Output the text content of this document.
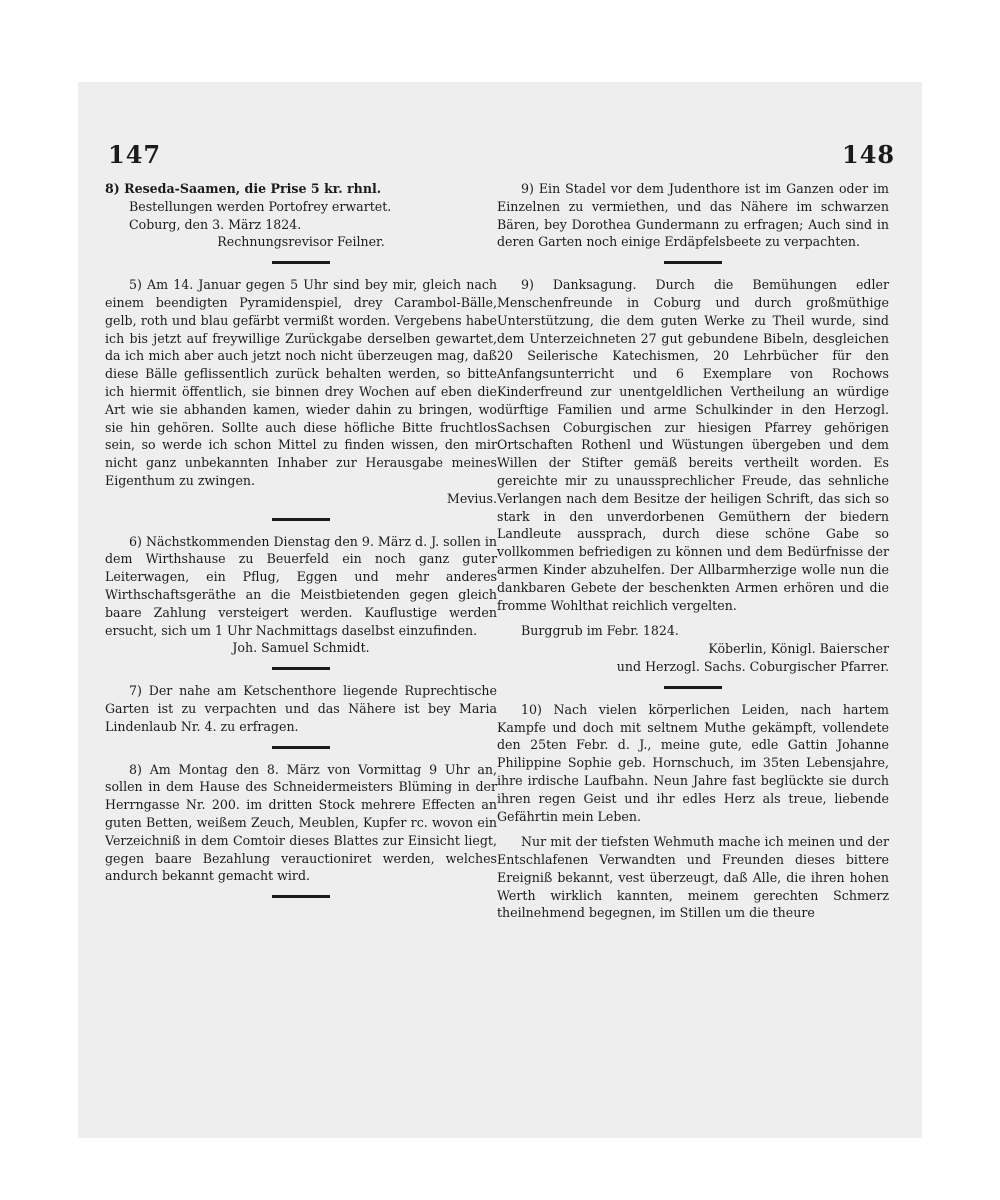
147	148

8) Reseda-Saamen, die Prise 5 kr. rhnl.

Bestellungen werden Portofrey erwartet.

Coburg, den 3. März 1824.

Rechnungsrevisor Feilner.

5) Am 14. Januar gegen 5 Uhr sind bey mir, gleich nach einem beendigten Pyramidenspiel, drey Carambol-Bälle, gelb, roth und blau gefärbt vermißt worden. Vergebens habe ich bis jetzt auf freywillige Zurückgabe derselben gewartet, da ich mich aber auch jetzt noch nicht überzeugen mag, daß diese Bälle geflissentlich zurück behalten werden, so bitte ich hiermit öffentlich, sie binnen drey Wochen auf eben die Art wie sie abhanden kamen, wieder dahin zu bringen, wo sie hin gehören. Sollte auch diese höfliche Bitte fruchtlos sein, so werde ich schon Mittel zu finden wissen, den mir nicht ganz unbekannten Inhaber zur Herausgabe meines Eigenthum zu zwingen.

Mevius.

6) Nächstkommenden Dienstag den 9. März d. J. sollen in dem Wirthshause zu Beuerfeld ein noch ganz guter Leiterwagen, ein Pflug, Eggen und mehr anderes Wirthschaftsgeräthe an die Meistbietenden gegen gleich baare Zahlung versteigert werden. Kauflustige werden ersucht, sich um 1 Uhr Nachmittags daselbst einzufinden.

Joh. Samuel Schmidt.

7) Der nahe am Ketschenthore liegende Ruprechtische Garten ist zu verpachten und das Nähere ist bey Maria Lindenlaub Nr. 4. zu erfragen.

8) Am Montag den 8. März von Vormittag 9 Uhr an, sollen in dem Hause des Schneidermeisters Blüming in der Herrngasse Nr. 200. im dritten Stock mehrere Effecten an guten Betten, weißem Zeuch, Meublen, Kupfer rc. wovon ein Verzeichniß in dem Comtoir dieses Blattes zur Einsicht liegt, gegen baare Bezahlung verauctioniret werden, welches andurch bekannt gemacht wird.

9) Ein Stadel vor dem Judenthore ist im Ganzen oder im Einzelnen zu vermiethen, und das Nähere im schwarzen Bären, bey Dorothea Gundermann zu erfragen; Auch sind in deren Garten noch einige Erdäpfelsbeete zu verpachten.

9) Danksagung. Durch die Bemühungen edler Menschenfreunde in Coburg und durch großmüthige Unterstützung, die dem guten Werke zu Theil wurde, sind dem Unterzeichneten 27 gut gebundene Bibeln, desgleichen 20 Seilerische Katechismen, 20 Lehrbücher für den Anfangsunterricht und 6 Exemplare von Rochows Kinderfreund zur unentgeldlichen Vertheilung an würdige dürftige Familien und arme Schulkinder in den Herzogl. Sachsen Coburgischen zur hiesigen Pfarrey gehörigen Ortschaften Rothenl und Wüstungen übergeben und dem Willen der Stifter gemäß bereits vertheilt worden. Es gereichte mir zu unaussprechlicher Freude, das sehnliche Verlangen nach dem Besitze der heiligen Schrift, das sich so stark in den unverdorbenen Gemüthern der biedern Landleute aussprach, durch diese schöne Gabe so vollkommen befriedigen zu können und dem Bedürfnisse der armen Kinder abzuhelfen. Der Allbarmherzige wolle nun die dankbaren Gebete der beschenkten Armen erhören und die fromme Wohlthat reichlich vergelten.

Burggrub im Febr. 1824.

Köberlin, Königl. Baierscher

und Herzogl. Sachs. Coburgischer Pfarrer.

10) Nach vielen körperlichen Leiden, nach hartem Kampfe und doch mit seltnem Muthe gekämpft, vollendete den 25ten Febr. d. J., meine gute, edle Gattin Johanne Philippine Sophie geb. Hornschuch, im 35ten Lebensjahre, ihre irdische Laufbahn. Neun Jahre fast beglückte sie durch ihren regen Geist und ihr edles Herz als treue, liebende Gefährtin mein Leben.

Nur mit der tiefsten Wehmuth mache ich meinen und der Entschlafenen Verwandten und Freunden dieses bittere Ereigniß bekannt, vest überzeugt, daß Alle, die ihren hohen Werth wirklich kannten, meinem gerechten Schmerz theilnehmend begegnen, im Stillen um die theure
